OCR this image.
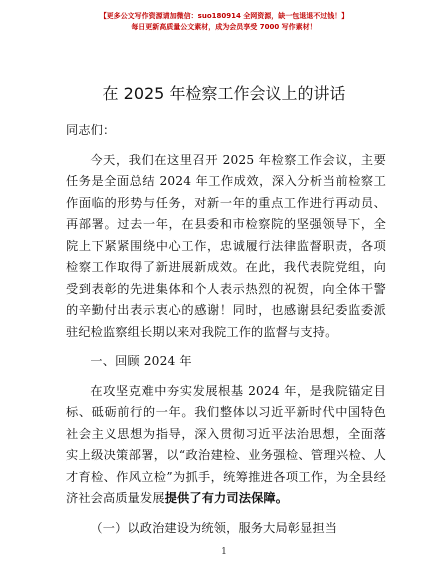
【更多公文写作资源请加微信：suo180914 全网资源，缺一包退退不过钱！】
每日更新高质量公文素材，成为会员享受 7000 写作素材！
在 2025 年检察工作会议上的讲话

同志们：

今天，我们在这里召开 2025 年检察工作会议，主要任务是全面总结 2024 年工作成效，深入分析当前检察工作面临的形势与任务，对新一年的重点工作进行再动员、再部署。过去一年，在县委和市检察院的坚强领导下，全院上下紧紧围绕中心工作，忠诚履行法律监督职责，各项检察工作取得了新进展新成效。在此，我代表院党组，向受到表彰的先进集体和个人表示热烈的祝贺，向全体干警的辛勤付出表示衷心的感谢！同时，也感谢县纪委监委派驻纪检监察组长期以来对我院工作的监督与支持。

一、回顾 2024 年

在攻坚克难中夯实发展根基 2024 年，是我院锚定目标、砥砺前行的一年。我们整体以习近平新时代中国特色社会主义思想为指导，深入贯彻习近平法治思想，全面落实上级决策部署，以“政治建检、业务强检、管理兴检、人才育检、作风立检”为抓手，统筹推进各项工作，为全县经济社会高质量发展提供了有力司法保障。

（一）以政治建设为统领，服务大局彰显担当

1
